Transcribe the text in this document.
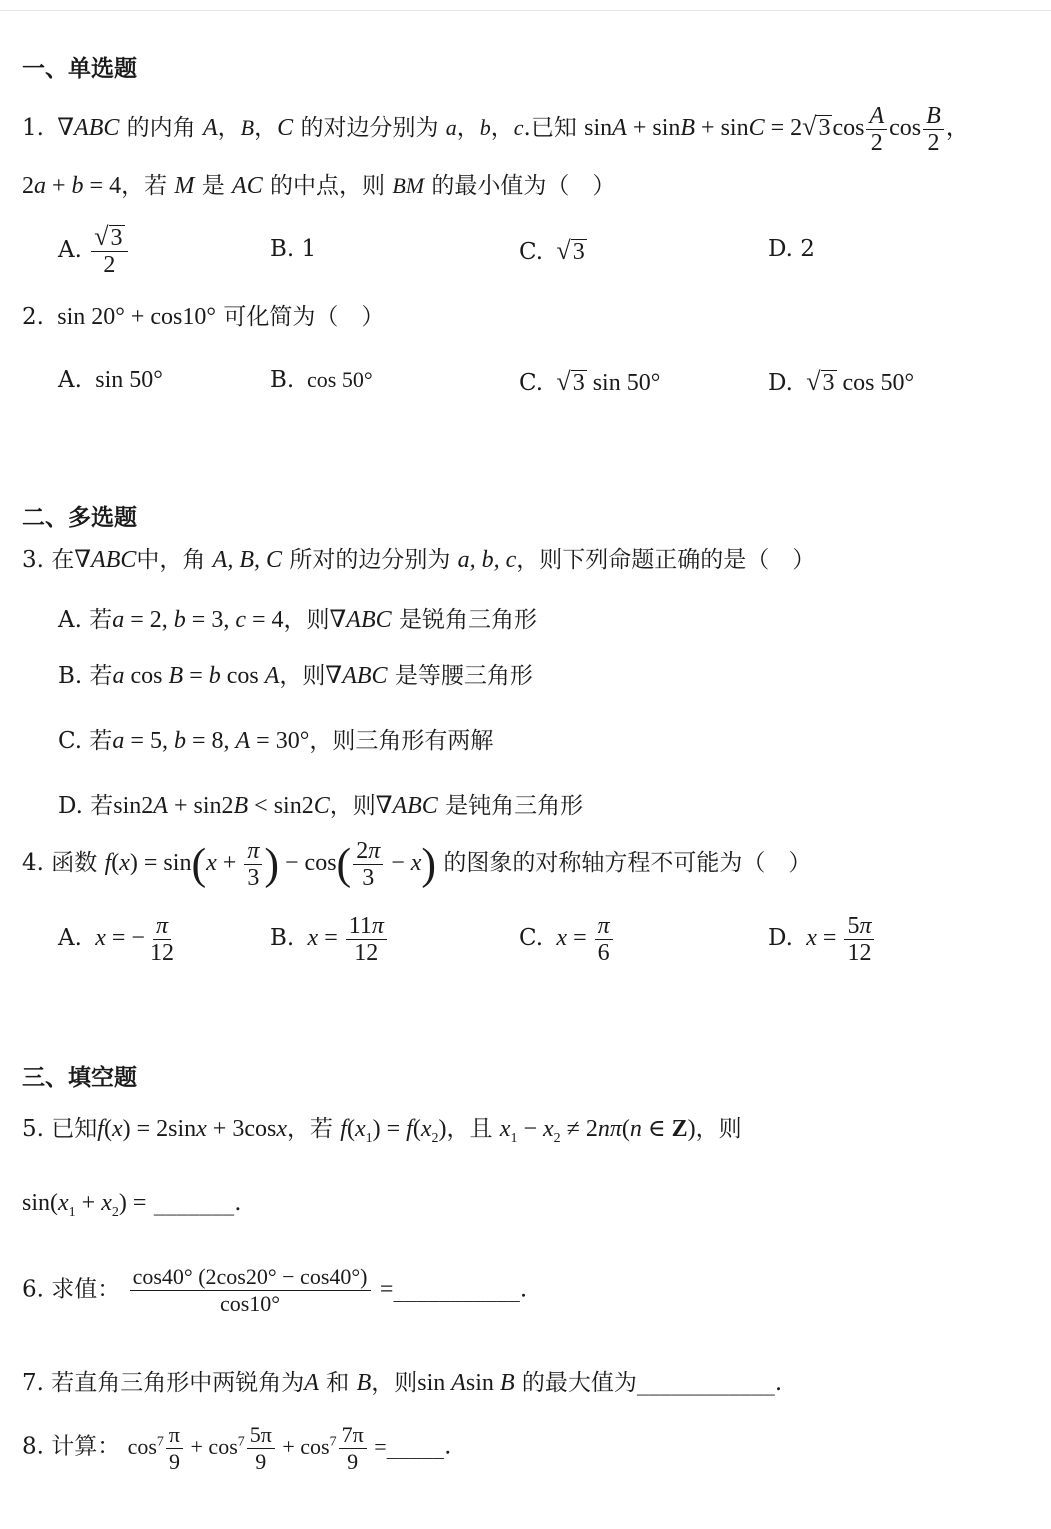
一、单选题
1.  ∇ABC 的内角 A，B，C 的对边分别为 a，b，c.已知 $\sin A + \sin B + \sin C = 2√3\cos \frac{A}{2}$ $\cos \frac{B}{2}$ ，
2a + b = 4，若 M 是 AC 的中点，则 BM 的最小值为（　）
A. $\frac{√3}{2}$	B. 1	C. √3	D. 2
2.  sin 20° + cos10° 可化简为（　）
A.  sin 50°	B.  cos 50°	C. √3 sin 50°	D. √3 cos 50°
二、多选题
3. 在∇ABC中，角 A, B, C 所对的边分别为 a, b, c，则下列命题正确的是（　）
A. 若a = 2, b = 3, c = 4，则∇ABC 是锐角三角形
B. 若a cos B = b cos A，则∇ABC 是等腰三角形
C. 若a = 5, b = 8, A = 30°，则三角形有两解
D. 若sin2A + sin2B < sin2C，则∇ABC 是钝角三角形
4. 函数 $f(x) = \sin(x + \frac{\pi}{3}$ ) − $\cos( \frac{2\pi}{3} - x)$ 的图象的对称轴方程不可能为（　）
A. x = − $\frac{\pi}{12}$	B. $x = \frac{11\pi}{12}$	C. $x = \frac{\pi}{6}$	D. $x = \frac{5\pi}{12}$
三、填空题
5. 已知f(x) = 2sinx + 3cosx，若 $f(x_1) = f(x_2)$，且 $x_1 - x_2 \ne 2n\pi(n$ ∈ Z)，则
$\sin(x_1 + x_2)$ = _______.
6. 求值： $\frac{\cos 40^\circ (2\cos 20^\circ - \cos 40^\circ)}{\cos 10^\circ}$ =___________.
7. 若直角三角形中两锐角为A 和 B，则sin Asin B 的最大值为____________.
8. 计算： $\cos^7 \frac{\pi}{9} + \cos^7 \frac{5\pi}{9} + \cos^7 \frac{7\pi}{9}$ =_____.
